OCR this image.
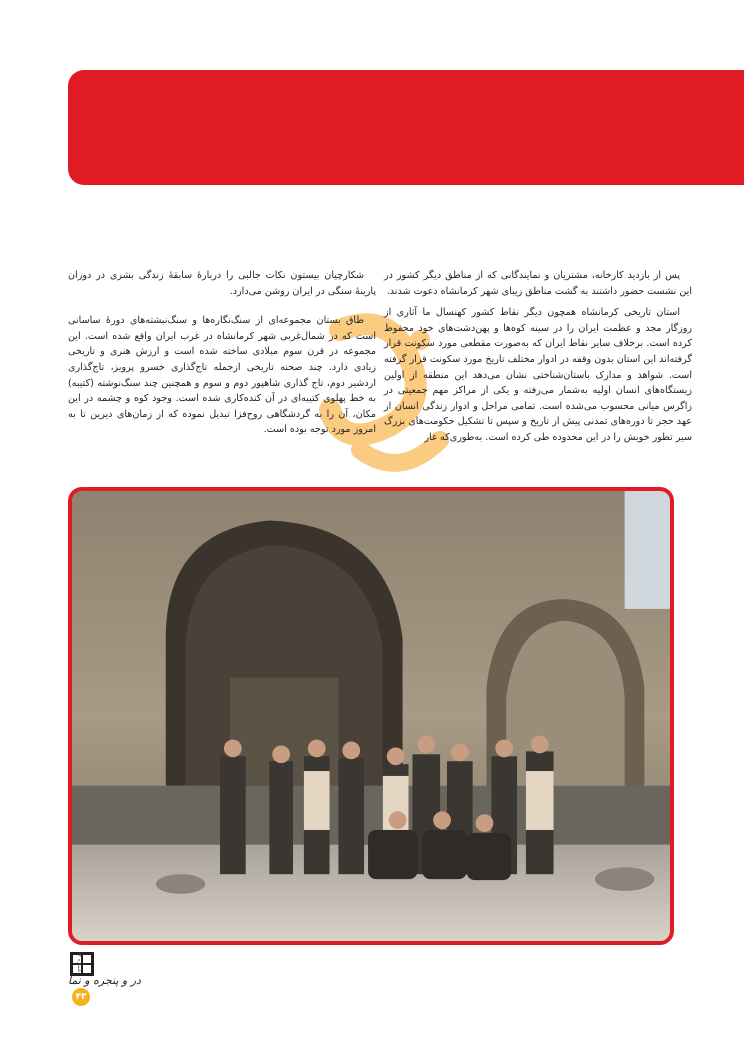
پس از بازدید کارخانه، مشتریان و نمایندگانی که از مناطق دیگر کشور در این نشست حضور داشتند به گشت مناطق زیبای شهر کرمانشاه دعوت شدند.

استان تاریخی کرمانشاه همچون دیگر نقاط کشور کهنسال ما آثاری از روزگار مجد و عظمت ایران را در سینه کوه‌ها و پهن‌دشت‌های خود محفوظ کرده است. برخلاف سایر نقاط ایران که به‌صورت مقطعی مورد سکونت قرار گرفته‌اند این استان بدون وقفه در ادوار مختلف تاریخ مورد سکونت قرار گرفته است. شواهد و مدارک باستان‌شناختی نشان می‌دهد این منطقه از اولین زیستگاه‌های انسان اولیه به‌شمار می‌رفته و یکی از مراکز مهم جمعیتی در زاگرس میانی محسوب می‌شده است. تمامی مراحل و ادوار زندگی انسان از عهد حجر تا دوره‌های تمدنی پیش از تاریخ و سپس تا تشکیل حکومت‌های بزرگ سیر تطور خویش را در این محدوده طی کرده است. به‌طوری‌که غار

شکارچیان بیستون نکات جالبی را دربارهٔ سابقهٔ زندگی بشری در دوران پارینهٔ سنگی در ایران روشن می‌دارد.

طاق بستان مجموعه‌ای از سنگ‌نگاره‌ها و سنگ‌نبشته‌های دورهٔ ساسانی است که در شمال‌غربی شهر کرمانشاه در غرب ایران واقع شده است. این مجموعه در قرن سوم میلادی ساخته شده است و ارزش هنری و تاریخی زیادی دارد. چند صحنه تاریخی ازجمله تاج‌گذاری خسرو پرویز، تاج‌گذاری اردشیر دوم، تاج گذاری شاهپور دوم و سوم و همچنین چند سنگ‌نوشته (کتیبه) به خط پهلوی کتیبه‌ای در آن کنده‌کاری شده است. وجود کوه و چشمه در این مکان، آن را به گردشگاهی روح‌فزا تبدیل نموده که از زمان‌های دیرین تا به امروز مورد توجه بوده است.

شماره ۱۴
در و پنجره و نما
۴۳
